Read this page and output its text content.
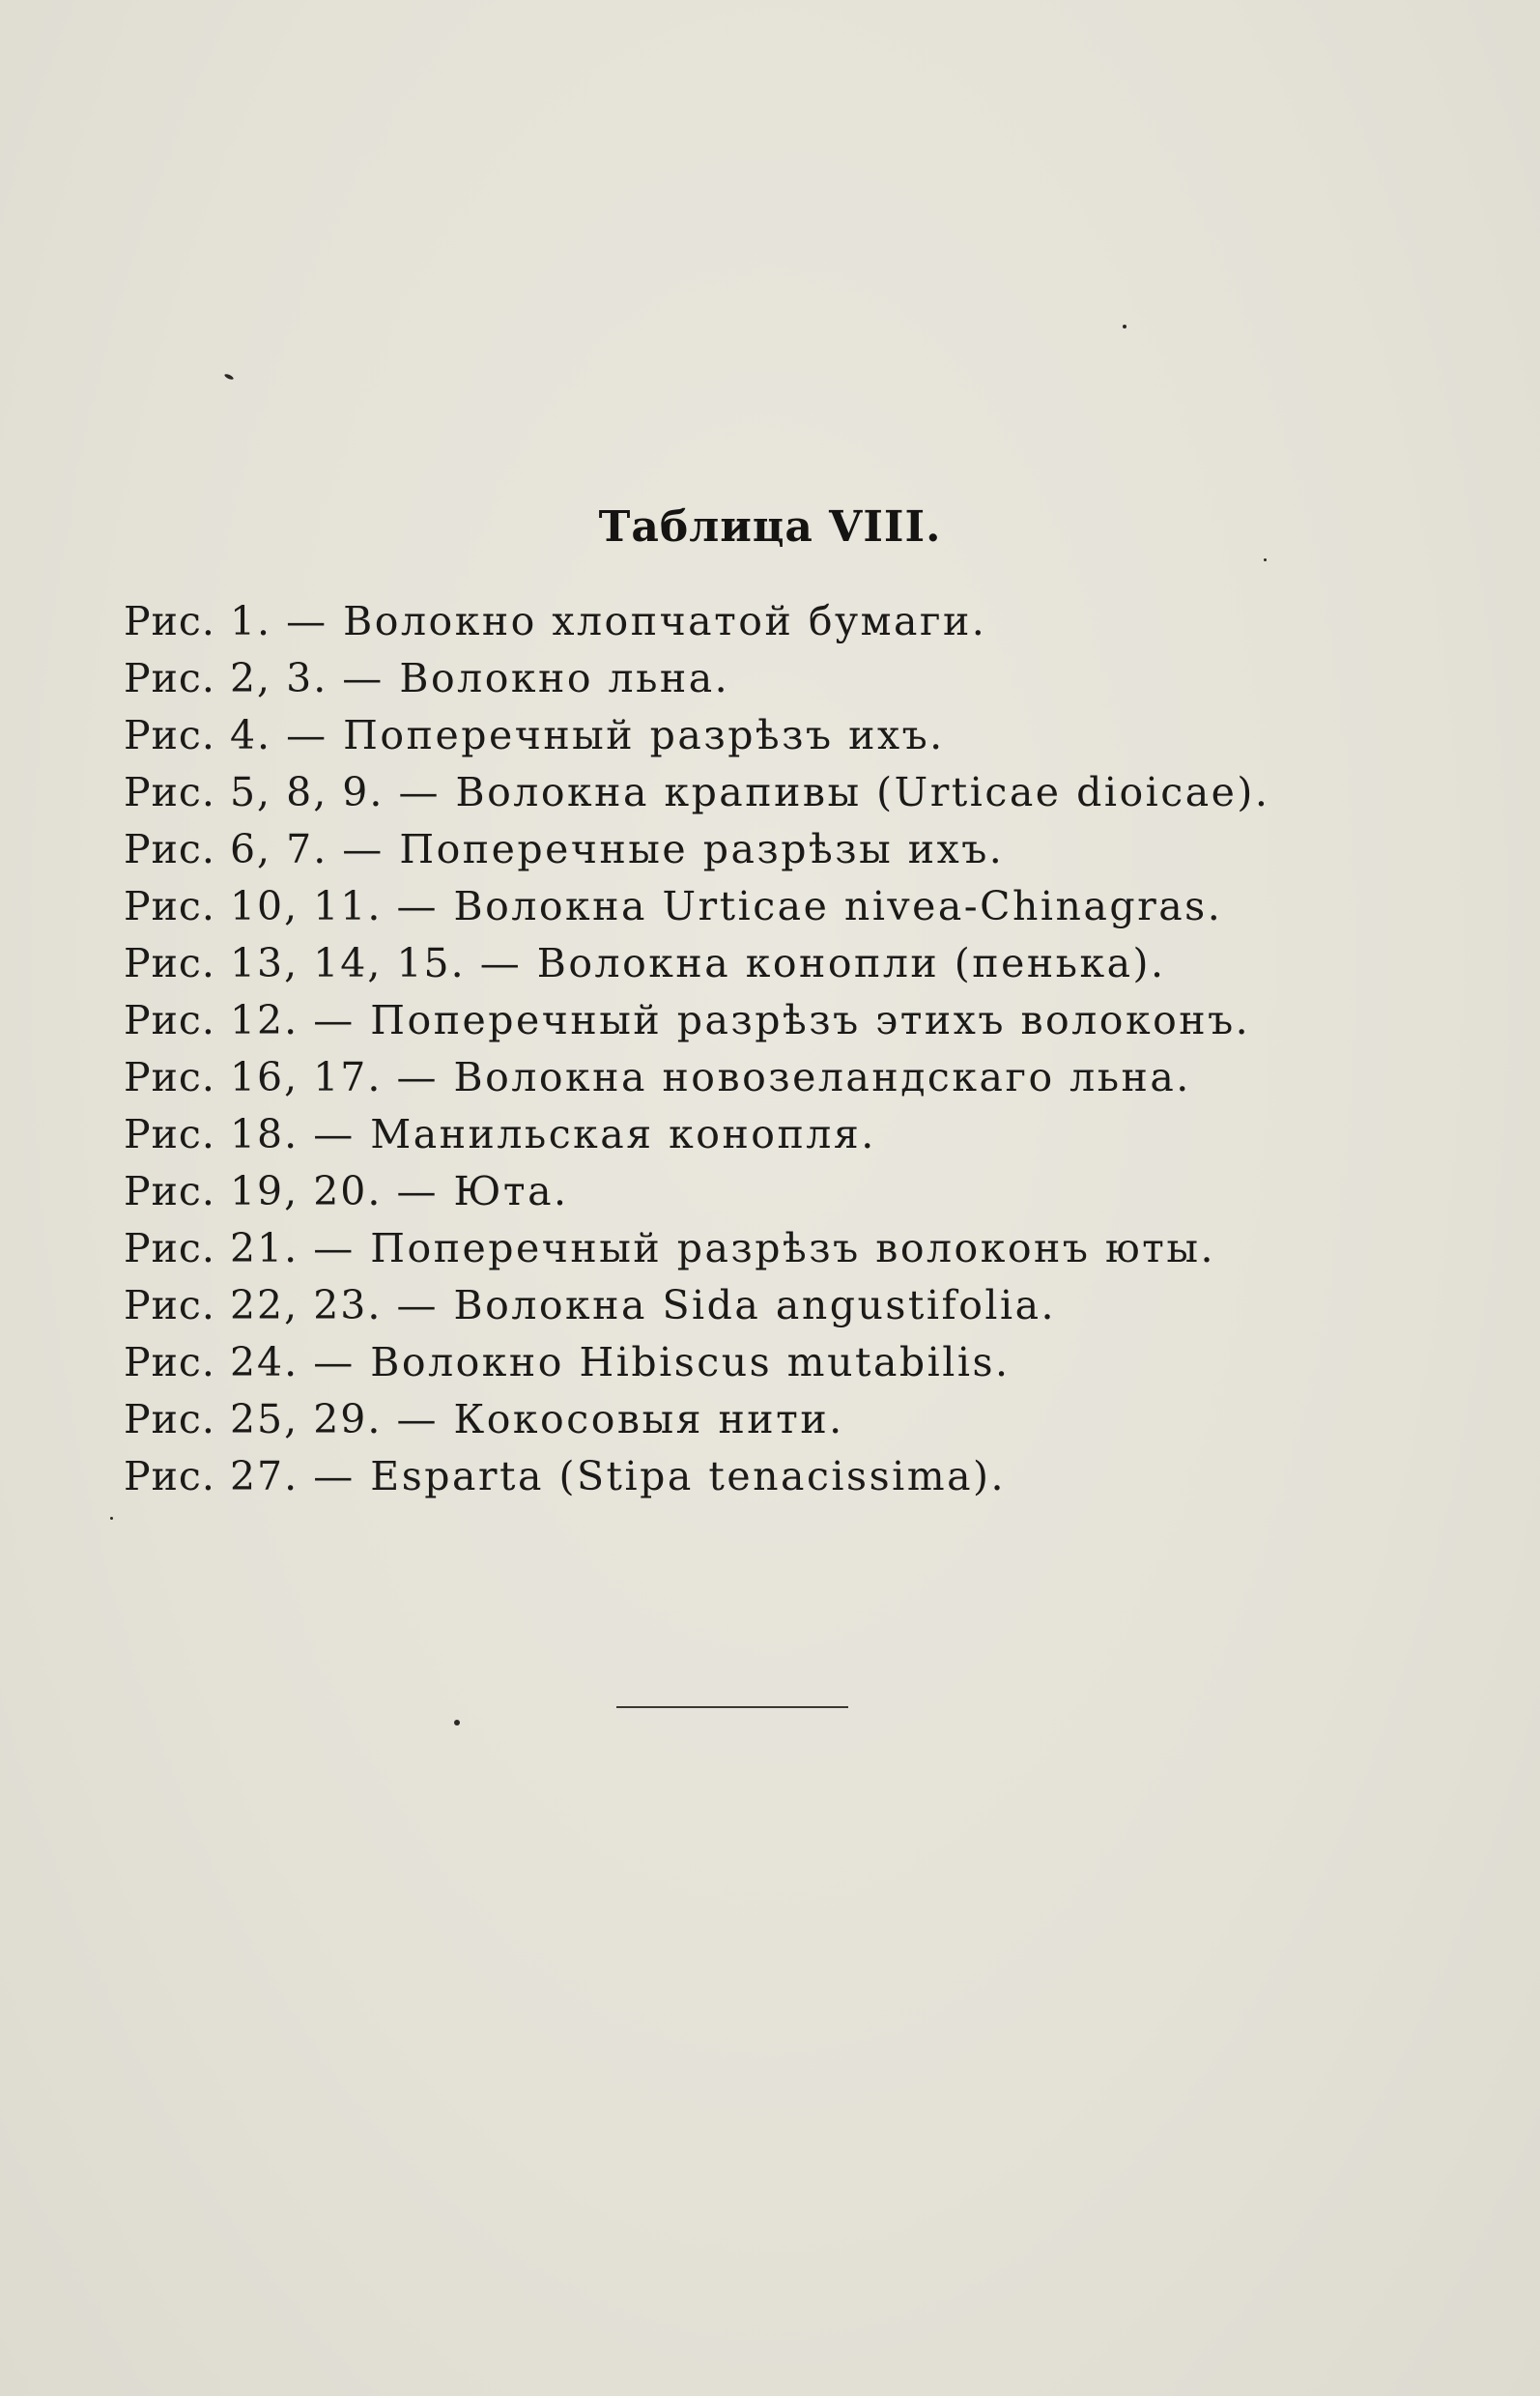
Таблица VIII.
Рис. 1. — Волокно хлопчатой бумаги.
Рис. 2, 3. — Волокно льна.
Рис. 4. — Поперечный разрѣзъ ихъ.
Рис. 5, 8, 9. — Волокна крапивы (Urticae dioicae).
Рис. 6, 7. — Поперечные разрѣзы ихъ.
Рис. 10, 11. — Волокна Urticae nivea-Chinagras.
Рис. 13, 14, 15. — Волокна конопли (пенька).
Рис. 12. — Поперечный разрѣзъ этихъ волоконъ.
Рис. 16, 17. — Волокна новозеландскаго льна.
Рис. 18. — Манильская конопля.
Рис. 19, 20. — Юта.
Рис. 21. — Поперечный разрѣзъ волоконъ юты.
Рис. 22, 23. — Волокна Sida angustifolia.
Рис. 24. — Волокно Hibiscus mutabilis.
Рис. 25, 29. — Кокосовыя нити.
Рис. 27. — Esparta (Stipa tenacissima).
